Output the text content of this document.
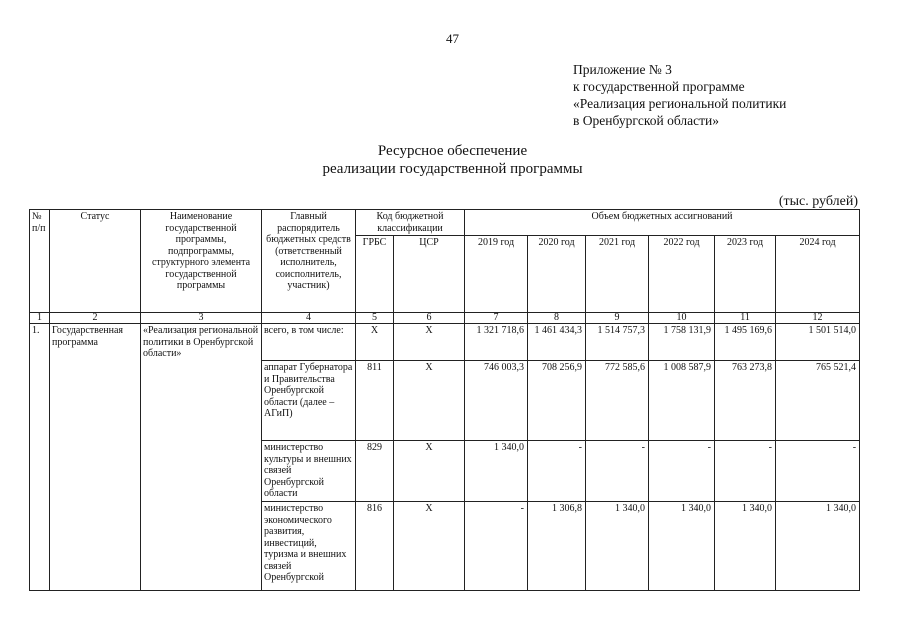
47
Приложение № 3
к государственной программе
«Реализация региональной политики
в Оренбургской области»
Ресурсное обеспечение
реализации государственной программы
(тыс. рублей)
№ п/п	Статус	Наименование государственной программы, подпрограммы, структурного элемента государственной программы	Главный распорядитель бюджетных средств (ответственный исполнитель, соисполнитель, участник)	Код бюджетной классификации		Объем бюджетных ассигнований					
				ГРБС	ЦСР	2019 год	2020 год	2021 год	2022 год	2023 год	2024 год
1	2	3	4	5	6	7	8	9	10	11	12
1.	Государственная программа	«Реализация региональной политики в Оренбургской области»	всего, в том числе:	X	X	1 321 718,6	1 461 434,3	1 514 757,3	1 758 131,9	1 495 169,6	1 501 514,0
			аппарат Губернатора и Правительства Оренбургской области (далее – АГиП)	811	X	746 003,3	708 256,9	772 585,6	1 008 587,9	763 273,8	765 521,4
			министерство культуры и внешних связей Оренбургской области	829	X	1 340,0	-	-	-	-	-
			министерство экономического развития, инвестиций, туризма и внешних связей Оренбургской	816	X	-	1 306,8	1 340,0	1 340,0	1 340,0	1 340,0
